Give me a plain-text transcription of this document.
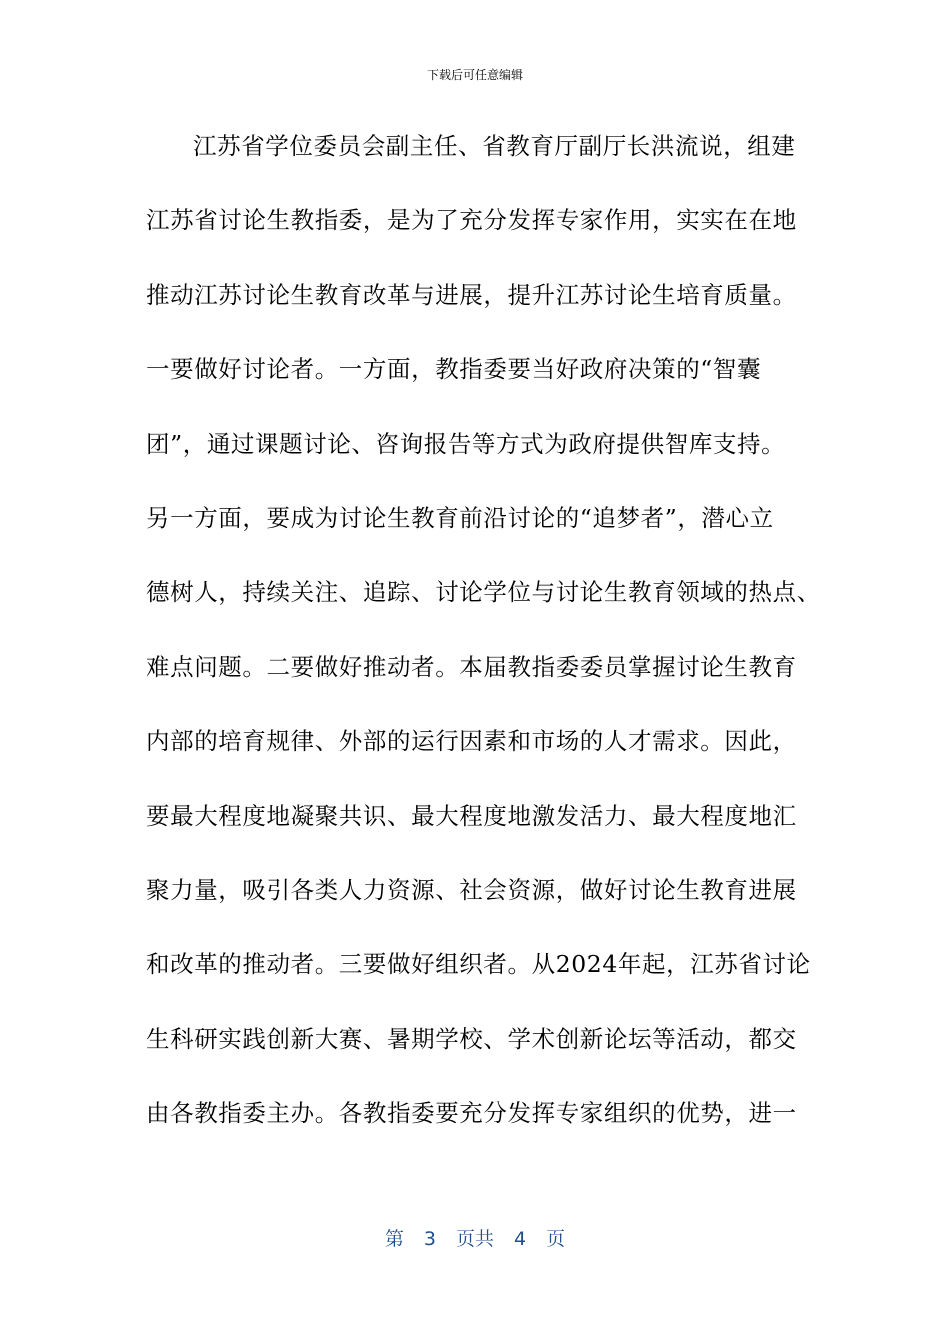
下载后可任意编辑
江苏省学位委员会副主任、省教育厅副厅长洪流说，组建
江苏省讨论生教指委，是为了充分发挥专家作用，实实在在地
推动江苏讨论生教育改革与进展，提升江苏讨论生培育质量。
一要做好讨论者。一方面，教指委要当好政府决策的“智囊
团”，通过课题讨论、咨询报告等方式为政府提供智库支持。
另一方面，要成为讨论生教育前沿讨论的“追梦者”，潜心立
德树人，持续关注、追踪、讨论学位与讨论生教育领域的热点、
难点问题。二要做好推动者。本届教指委委员掌握讨论生教育
内部的培育规律、外部的运行因素和市场的人才需求。因此，
要最大程度地凝聚共识、最大程度地激发活力、最大程度地汇
聚力量，吸引各类人力资源、社会资源，做好讨论生教育进展
和改革的推动者。三要做好组织者。从2024年起，江苏省讨论
生科研实践创新大赛、暑期学校、学术创新论坛等活动，都交
由各教指委主办。各教指委要充分发挥专家组织的优势，进一
第 3 页共 4 页
